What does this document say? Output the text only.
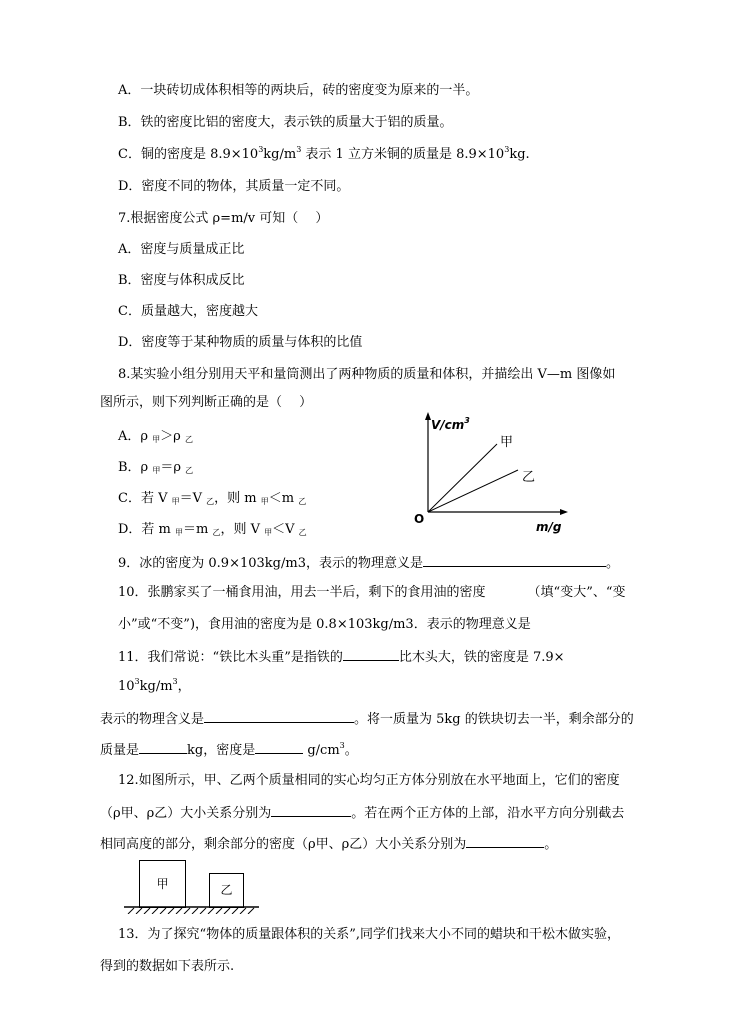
A．一块砖切成体积相等的两块后，砖的密度变为原来的一半。
B．铁的密度比铝的密度大，表示铁的质量大于铝的质量。
C．铜的密度是 $8.9\times 10^3kg/m^3$ 表示 1 立方米铜的质量是 $8.9\times 10^3kg$.
D．密度不同的物体，其质量一定不同。
7.根据密度公式 ρ=m/v 可知（　 ）
A．密度与质量成正比
B．密度与体积成反比
C．质量越大，密度越大
D．密度等于某种物质的质量与体积的比值
8.某实验小组分别用天平和量筒测出了两种物质的质量和体积，并描绘出 V—m 图像如
图所示，则下列判断正确的是（　 ）
A．ρ $_甲$＞ρ $_乙$
B．ρ $_甲$＝ρ $_乙$
C．若 V $_甲$＝V $_乙$，则 m $_甲$＜m $_乙$
D．若 m $_甲$＝m $_乙$，则 V $_甲$＜V $_乙$
$V/cm^3$
m/g
O
甲
乙
9．冰的密度为 0.9×103kg/m3，表示的物理意义是	。
10．张鹏家买了一桶食用油，用去一半后，剩下的食用油的密度	（填“变大”、“变
小”或“不变”)，食用油的密度为是 0.8×103kg/m3．表示的物理意义是
11．我们常说：“铁比木头重”是指铁的	比木头大，铁的密度是 7.9×
$10^3kg/m^3$，
表示的物理含义是	。将一质量为 5kg 的铁块切去一半，剩余部分的
质量是	kg，密度是	$g/cm^3$。
12.如图所示，甲、乙两个质量相同的实心均匀正方体分别放在水平地面上，它们的密度
（ρ甲、ρ乙）大小关系分别为	。若在两个正方体的上部，沿水平方向分别截去
相同高度的部分，剩余部分的密度（ρ甲、ρ乙）大小关系分别为	。
甲	乙
13．为了探究“物体的质量跟体积的关系”,同学们找来大小不同的蜡块和干松木做实验，
得到的数据如下表所示.
